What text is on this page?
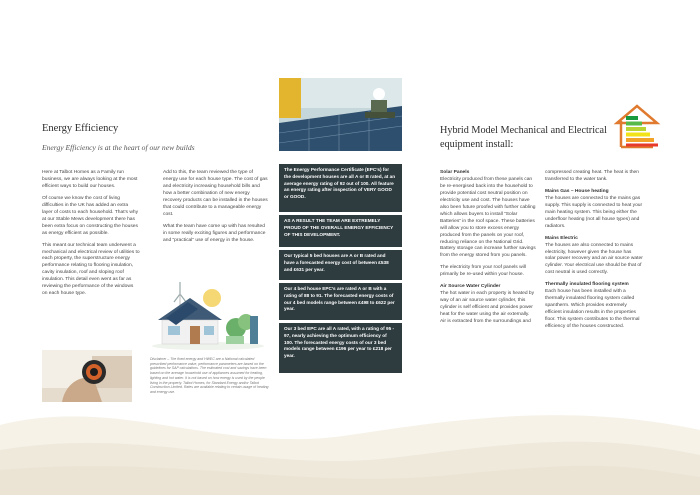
Energy Efficiency
Energy Efficiency is at the heart of our new builds

Here at Talbot Homes as a Family run business, we are always looking at the most efficient ways to build our houses.

Of course we know the cost of living difficulties in the UK has added an extra layer of costs to each household. That’s why at our Stable Mews development there has been extra focus on constructing the houses as energy efficient as possible.

This meant our technical team underwent a mechanical and electrical review of utilities to each property, the superstructure energy performance relating to flooring insulation, cavity insulation, roof and sloping roof insulation. This detail even went as far as reviewing the performance of the windows on each house type.

Add to this, the team reviewed the type of energy use for each house type. The cost of gas and electricity increasing household bills and how a better combination of new energy recovery products can be installed in the houses that could contribute to a manageable energy cost.

What the team have come up with has resulted in some really exciting figures and performance and “practical” use of energy in the house.

Disclaimer – The fixed energy and HWEC are a National calculated prescribed performance value, performance parameters are based on the guidelines for SAP calculations. The estimated cost and savings have been based on the average household use of appliances assumed for heating, lighting and hot water. It is not based on how energy is used by the people living in the property. Talbot Homes, for Standard Energy and/or Talbot Construction Limited. Rates are available relating to certain usage of heating and energy use.
The Energy Performance Certificate (EPC’s) for the development houses are all A or B rated, at an average energy rating of 92 out of 100. All feature an energy rating after inspection of VERY GOOD or GOOD.
AS A RESULT THE TEAM ARE EXTREMELY PROUD OF THE OVERALL ENERGY EFFICIENCY OF THIS DEVELOPMENT.
Our typical 5 bed houses are A or B rated and have a forecasted energy cost of between £538 and £631 per year.
Our 4 bed house EPC’s are rated A or B with a rating of 88 to 91. The forecasted energy costs of our 4 bed models range between £498 to £622 per year.
Our 3 bed EPC are all A rated, with a rating of 95 - 97, nearly achieving the optimum efficiency of 100. The forecasted energy costs of our 3 bed models range between £196 per year to £218 per year.
Hybrid Model Mechanical and Electrical equipment install:

Solar Panels

Electricity produced from these panels can be re-energised back into the household to provide potential cost neutral position on electricity use and cost. The houses have also been future proofed with further cabling which allows buyers to install “Solar Batteries” in the roof space. These batteries will allow you to store excess energy produced from the panels on your roof, reducing reliance on the National Grid. Battery storage can increase further savings from the energy stored from you panels.

The electricity from your roof panels will primarily be re-used within your house.

Air Source Water Cylinder

The hot water in each property is heated by way of an air source water cylinder, this cylinder is self efficient and provides power heat for the water using the air externally. Air is extracted from the surroundings and

compressed creating heat. The heat is then transferred to the water tank.

Mains Gas – House heating

The houses are connected to the mains gas supply. This supply is connected to heat your main heating system. This being either the underfloor heating (not all house types) and radiators.

Mains Electric

The houses are also connected to mains electricity, however given the house has solar power recovery and an air source water cylinder. Your electrical use should be that of cost neutral is used correctly.

Thermally insulated flooring system

Each house has been installed with a thermally insulated flooring system called spantherm. Which provides extremely efficient insulation results in the properties floor. This system contributes to the thermal efficiency of the houses constructed.
